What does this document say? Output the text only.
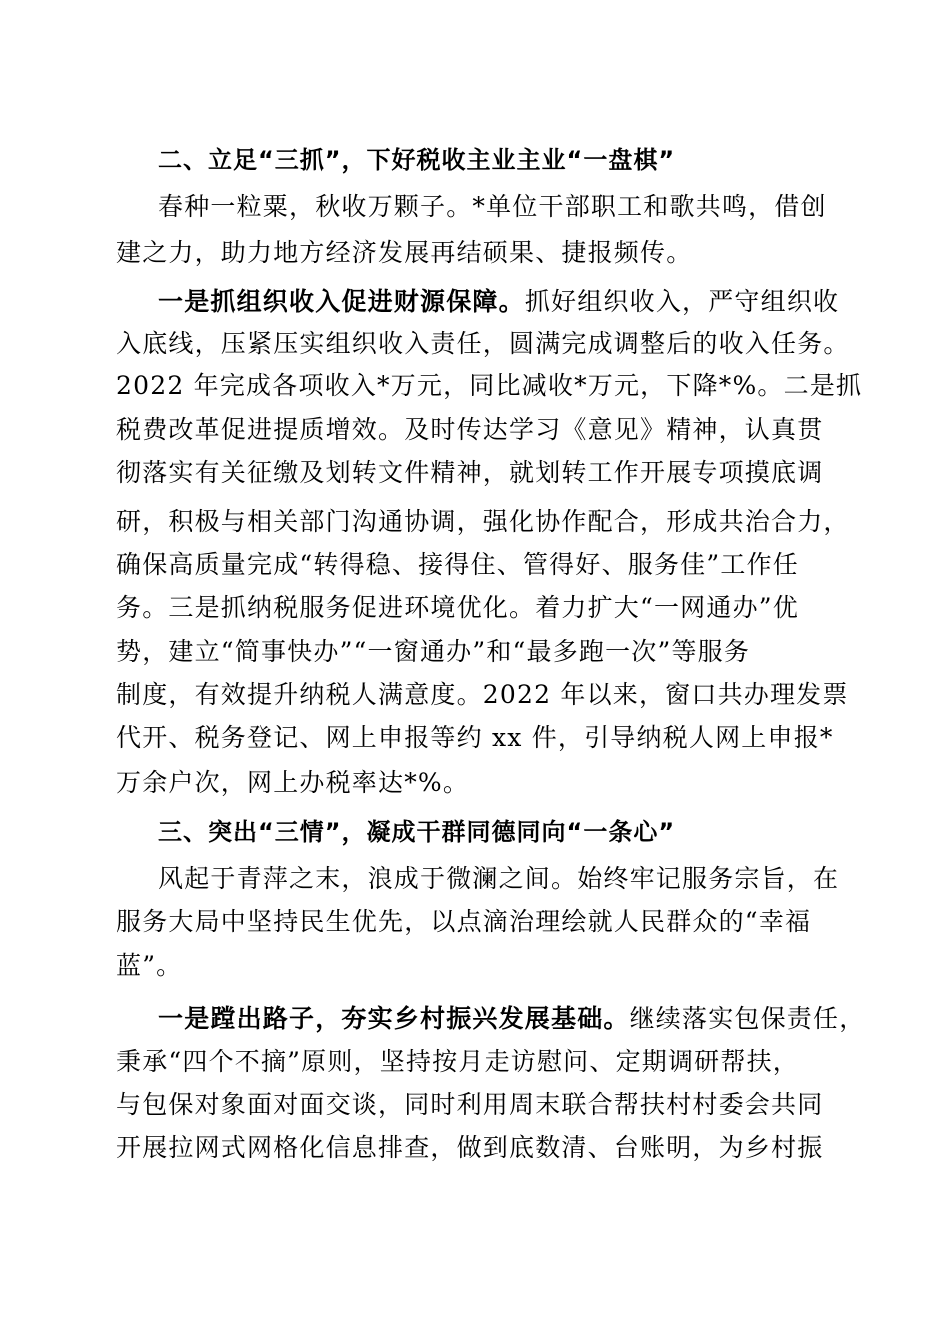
二、立足“三抓”，下好税收主业主业“一盘棋”
春种一粒粟，秋收万颗子。*单位干部职工和歌共鸣，借创
建之力，助力地方经济发展再结硕果、捷报频传。
一是抓组织收入促进财源保障。抓好组织收入，严守组织收
入底线，压紧压实组织收入责任，圆满完成调整后的收入任务。
2022 年完成各项收入*万元，同比减收*万元，下降*%。二是抓
税费改革促进提质增效。及时传达学习《意见》精神，认真贯
彻落实有关征缴及划转文件精神，就划转工作开展专项摸底调
研，积极与相关部门沟通协调，强化协作配合，形成共治合力，
确保高质量完成“转得稳、接得住、管得好、服务佳”工作任
务。三是抓纳税服务促进环境优化。着力扩大“一网通办”优
势，建立“简事快办”“一窗通办”和“最多跑一次”等服务
制度，有效提升纳税人满意度。2022 年以来，窗口共办理发票
代开、税务登记、网上申报等约 xx 件，引导纳税人网上申报*
万余户次，网上办税率达*%。
三、突出“三情”，凝成干群同德同向“一条心”
风起于青萍之末，浪成于微澜之间。始终牢记服务宗旨，在
服务大局中坚持民生优先，以点滴治理绘就人民群众的“幸福
蓝”。
一是蹚出路子，夯实乡村振兴发展基础。继续落实包保责任，
秉承“四个不摘”原则，坚持按月走访慰问、定期调研帮扶，
与包保对象面对面交谈，同时利用周末联合帮扶村村委会共同
开展拉网式网格化信息排查，做到底数清、台账明，为乡村振
